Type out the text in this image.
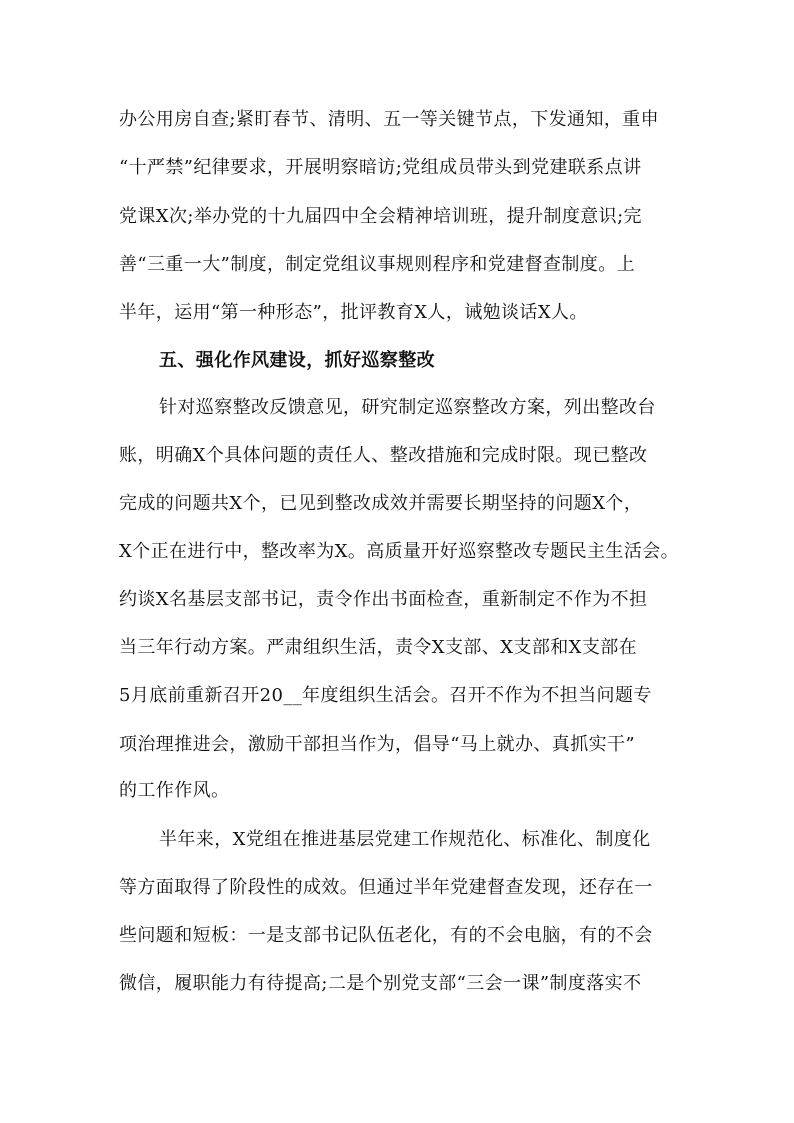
办公用房自查;紧盯春节、清明、五一等关键节点，下发通知，重申
“十严禁”纪律要求，开展明察暗访;党组成员带头到党建联系点讲
党课X次;举办党的十九届四中全会精神培训班，提升制度意识;完
善“三重一大”制度，制定党组议事规则程序和党建督查制度。上
半年，运用“第一种形态”，批评教育X人，诫勉谈话X人。
五、强化作风建设，抓好巡察整改
针对巡察整改反馈意见，研究制定巡察整改方案，列出整改台
账，明确X个具体问题的责任人、整改措施和完成时限。现已整改
完成的问题共X个，已见到整改成效并需要长期坚持的问题X个，
X个正在进行中，整改率为X。高质量开好巡察整改专题民主生活会。
约谈X名基层支部书记，责令作出书面检查，重新制定不作为不担
当三年行动方案。严肃组织生活，责令X支部、X支部和X支部在
5月底前重新召开20__年度组织生活会。召开不作为不担当问题专
项治理推进会，激励干部担当作为，倡导“马上就办、真抓实干”
的工作作风。
半年来，X党组在推进基层党建工作规范化、标准化、制度化
等方面取得了阶段性的成效。但通过半年党建督查发现，还存在一
些问题和短板：一是支部书记队伍老化，有的不会电脑，有的不会
微信，履职能力有待提高;二是个别党支部“三会一课”制度落实不
